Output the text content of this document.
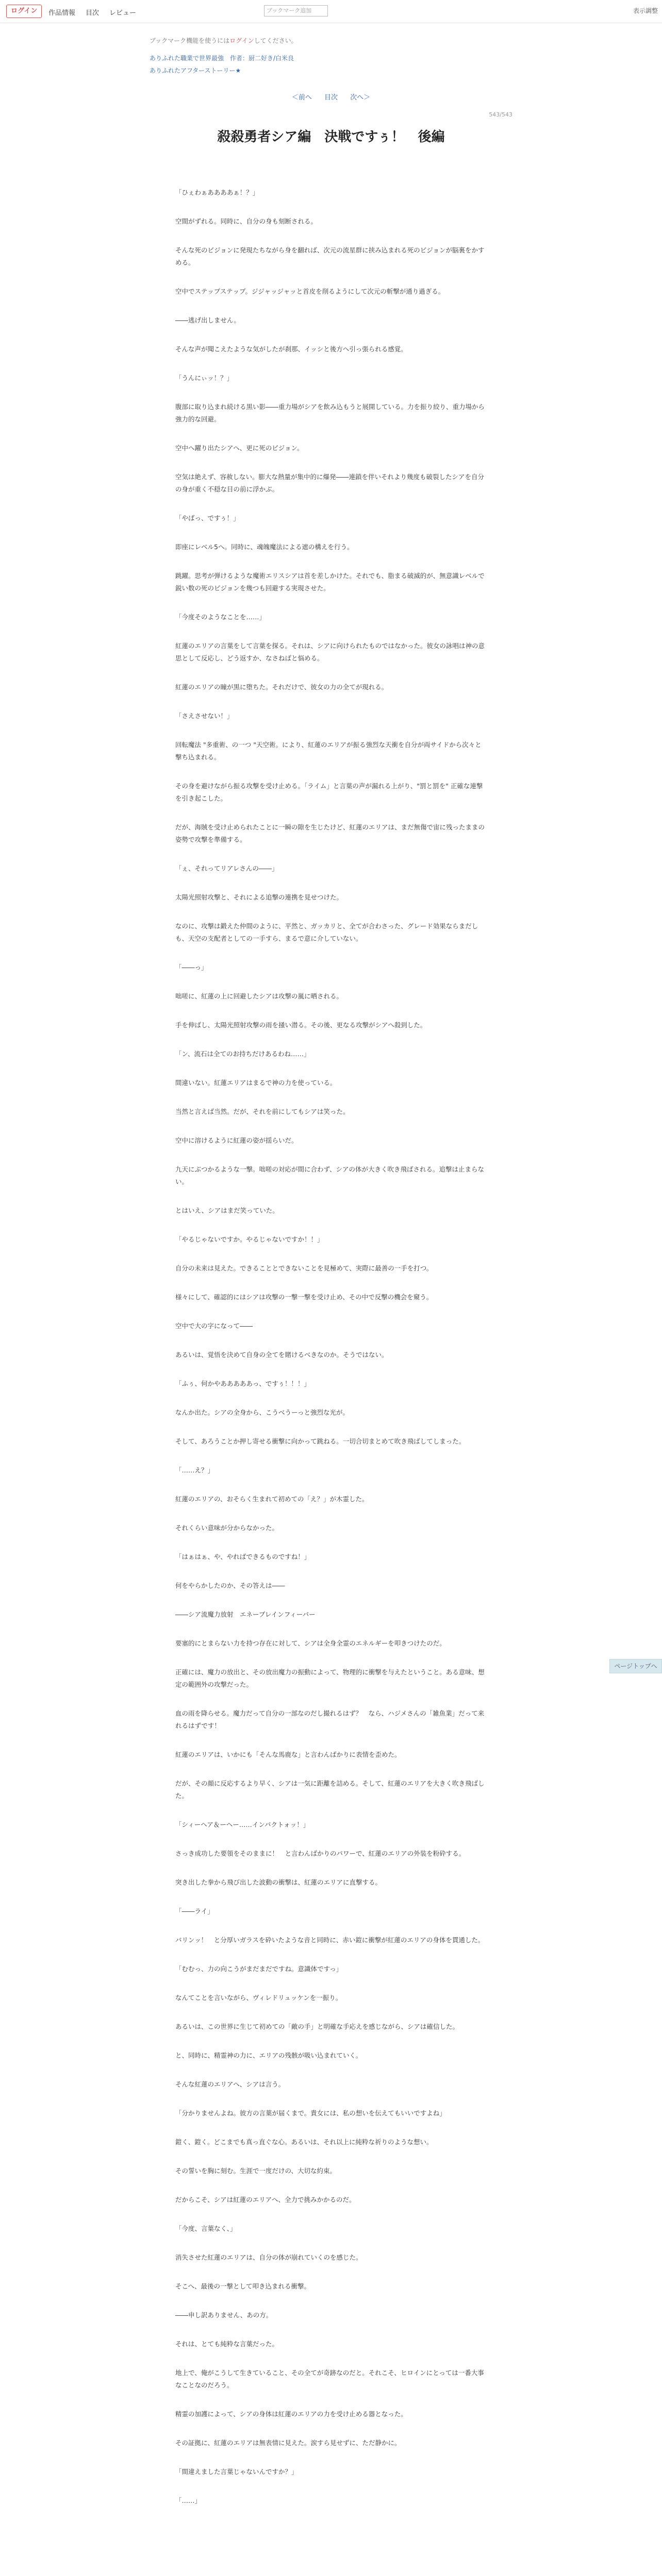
ログイン	作品情報 目次 レビュー	ブックマーク追加	表示調整
ブックマーク機能を使うにはログインしてください。
ありふれた職業で世界最強　作者：厨二好き/白米良
ありふれたアフターストーリー★
＜前へ 目次 次へ＞
543/543
殺殺勇者シア編　決戦ですぅ！　後編

「ひぇわぁああああぁ！？」

空間がずれる。同時に、自分の身も刻断される。

そんな死のビジョンに発現たちながら身を翻れば、次元の流星群に挟み込まれる死のビジョンが脳裏をかすめる。

空中でステップステップ。ジジャッジャッと首皮を削るようにして次元の斬撃が通り過ぎる。

――逃げ出しません。

そんな声が聞こえたような気がしたが刹那、イッシと後方へ引っ張られる感覚。

「うんにぃッ！？」

腹部に取り込まれ続ける黒い影――重力場がシアを飲み込もうと展開している。力を振り絞り、重力場から強力的な回避。

空中へ躍り出たシアへ、更に死のビジョン。

空気は絶えず、容赦しない。膨大な熱量が集中的に爆発――連鎖を伴いそれより幾度も破裂したシアを自分の身が重く不穏な目の前に浮かぶ。

「やばっ、ですぅ！」

即座にレベル5へ。同時に、魂魄魔法による遮の構えを行う。

跳躍。思考が弾けるような魔術エリスシアは首を差しかけた。それでも、脂まる破滅的が、無意識レベルで鋭い数の死のビジョンを幾つも回避する実現させた。

「今度そのようなことを……」

紅蓮のエリアの言葉をして言葉を探る。それは、シアに向けられたものではなかった。彼女の詠唱は神の意思として反応し、どう返すか、なさねばと悩める。

紅蓮のエリアの瞳が黒に堕ちた。それだけで、彼女の力の全てが現れる。

「さえさせない！」

回転魔法 "多重術、の一つ "天空術。により、紅蓮のエリアが振る強烈な天衝を自分が両サイドから次々と撃ち込まれる。

その身を避けながら振る攻撃を受け止める。「ライム」と言葉の声が漏れる上がり、"罰と罰を" 正確な連撃を引き起こした。

だが、海賊を受け止められたことに一瞬の隙を生じたけど、紅蓮のエリアは、まだ無傷で宙に残ったままの姿勢で攻撃を準備する。

「ぇ、それってリアレさんの――」

太陽光照射攻撃と、それによる追撃の連携を見せつけた。

なのに、攻撃は鍛えた仲間のように、平然と、ガッカリと、全てが合わさった、グレード効果ならまだしも、天空の支配者としての一手すら、まるで意に介していない。

「――っ」

咄嗟に、紅蓮の上に回避したシアは攻撃の嵐に晒される。

手を伸ばし、太陽光照射攻撃の雨を掻い潜る。その後、更なる攻撃がシアへ殺到した。

「ン、流石は全てのお持ちだけあるわね……」

間違いない。紅蓮エリアはまるで神の力を使っている。

当然と言えば当然。だが、それを前にしてもシアは笑った。

空中に溶けるように紅蓮の姿が揺らいだ。

九天にぶつかるような一撃。咄嗟の対応が間に合わず、シアの体が大きく吹き飛ばされる。追撃は止まらない。

とはいえ、シアはまだ笑っていた。

「やるじゃないですか。やるじゃないですか！！」

自分の未来は見えた。できることとできないことを見極めて、実際に最善の一手を打つ。

様々にして、確認的にはシアは攻撃の一撃一撃を受け止め、その中で反撃の機会を窺う。

空中で大の字になって――

あるいは、覚悟を決めて自身の全てを賭けるべきなのか。そうではない。

「ふぅ、何かやあああああっ、ですぅ！！！」

なんか出た。シアの全身から、こうべうーっと強烈な光が。

そして、あろうことか押し寄せる衝撃に向かって跳ねる。一切合切まとめて吹き飛ばしてしまった。

「……え？」

紅蓮のエリアの、おそらく生まれて初めての「え？」が木霊した。

それくらい意味が分からなかった。

「はぁはぁ、や、やればできるものですね！」

何をやらかしたのか、その答えは――

――シア流魔力放射　エネーブレインフィーバー

要塞的にとまらない力を持つ存在に対して、シアは全身全霊のエネルギーを叩きつけたのだ。

正確には、魔力の放出と、その放出魔力の振動によって、物理的に衝撃を与えたということ。ある意味、想定の範囲外の攻撃だった。

血の雨を降らせる。魔力だって自分の一部なのだし撮れるはず？　なら、ハジメさんの「雑魚業」だって来れるはずです！

紅蓮のエリアは、いかにも「そんな馬鹿な」と言わんばかりに表情を歪めた。

だが、その顔に反応するより早く、シアは一気に距離を詰める。そして、紅蓮のエリアを大きく吹き飛ばした。

「シィーヘア＆ーヘー……インパクトォッ！」

さっき成功した要領をそのままに！　と言わんばかりのパワーで、紅蓮のエリアの外装を粉砕する。

突き出した拳から飛び出した波動の衝撃は、紅蓮のエリアに直撃する。

「――ライ」

バリンッ！　と分厚いガラスを砕いたような音と同時に、赤い鎧に衝撃が紅蓮のエリアの身体を貫通した。

「むむっ、力の向こうがまだまだですね。意識体ですっ」

なんてことを言いながら、ヴィレドリュッケンを一振り。

あるいは、この世界に生じて初めての「敵の手」と明確な手応えを感じながら、シアは確信した。

と、同時に、精霊神の力に、エリアの残骸が吸い込まれていく。

そんな紅蓮のエリアへ、シアは言う。

「分かりませんよね。彼方の言葉が届くまで。貴女には、私の想いを伝えてもいいですよね」

鎧く、鎧く。どこまでも真っ直ぐな心。あるいは、それ以上に純粋な祈りのような想い。

その誓いを胸に刻む。生涯で一度だけの、大切な約束。

だからこそ、シアは紅蓮のエリアへ、全力で挑みかかるのだ。

「今度、言葉なく、」

消失させた紅蓮のエリアは、自分の体が崩れていくのを感じた。

そこへ、最後の一撃として叩き込まれる衝撃。

――申し訳ありません、あの方。

それは、とても純粋な言葉だった。

地上で、俺がこうして生きていること、その全てが奇跡なのだと。それこそ、ヒロインにとっては一番大事なことなのだろう。

精霊の加護によって、シアの身体は紅蓮のエリアの力を受け止める器となった。

その証拠に、紅蓮のエリアは無表情に見えた。涙すら見せずに、ただ静かに。

「間違えました言葉じゃないんですか？」

「……」

ページトップへ
